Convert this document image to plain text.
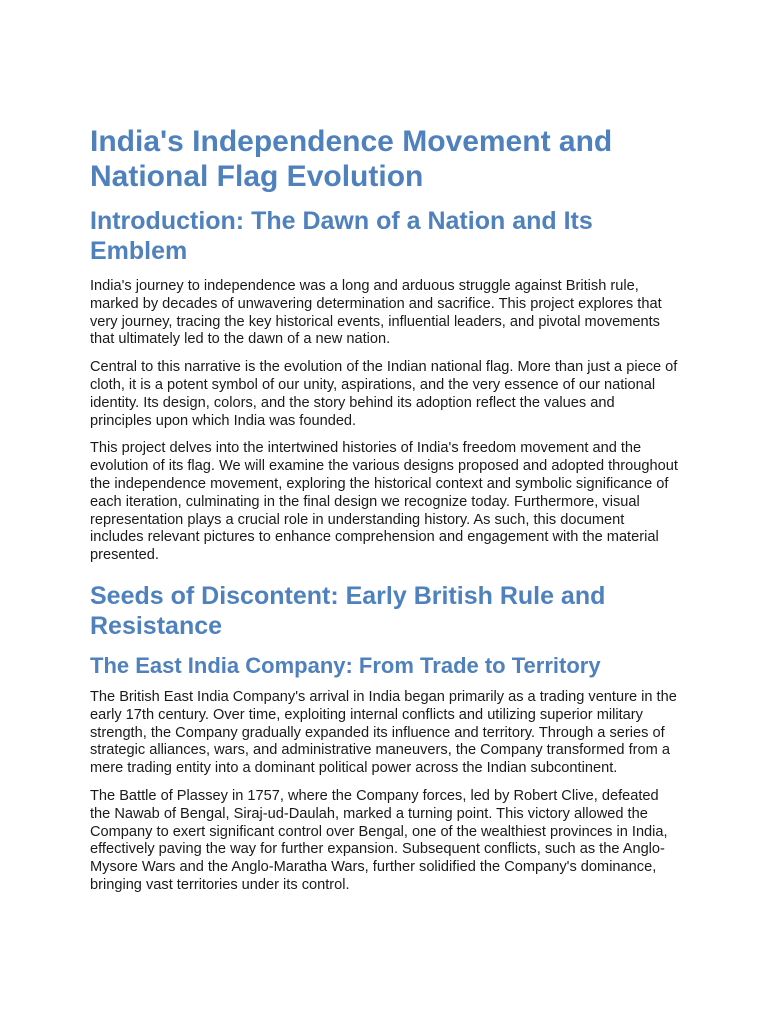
India's Independence Movement and National Flag Evolution
Introduction: The Dawn of a Nation and Its Emblem

India's journey to independence was a long and arduous struggle against British rule, marked by decades of unwavering determination and sacrifice. This project explores that very journey, tracing the key historical events, influential leaders, and pivotal movements that ultimately led to the dawn of a new nation.

Central to this narrative is the evolution of the Indian national flag. More than just a piece of cloth, it is a potent symbol of our unity, aspirations, and the very essence of our national identity. Its design, colors, and the story behind its adoption reflect the values and principles upon which India was founded.

This project delves into the intertwined histories of India's freedom movement and the evolution of its flag. We will examine the various designs proposed and adopted throughout the independence movement, exploring the historical context and symbolic significance of each iteration, culminating in the final design we recognize today. Furthermore, visual representation plays a crucial role in understanding history. As such, this document includes relevant pictures to enhance comprehension and engagement with the material presented.

Seeds of Discontent: Early British Rule and Resistance
The East India Company: From Trade to Territory

The British East India Company's arrival in India began primarily as a trading venture in the early 17th century. Over time, exploiting internal conflicts and utilizing superior military strength, the Company gradually expanded its influence and territory. Through a series of strategic alliances, wars, and administrative maneuvers, the Company transformed from a mere trading entity into a dominant political power across the Indian subcontinent.

The Battle of Plassey in 1757, where the Company forces, led by Robert Clive, defeated the Nawab of Bengal, Siraj-ud-Daulah, marked a turning point. This victory allowed the Company to exert significant control over Bengal, one of the wealthiest provinces in India, effectively paving the way for further expansion. Subsequent conflicts, such as the Anglo-Mysore Wars and the Anglo-Maratha Wars, further solidified the Company's dominance, bringing vast territories under its control.
